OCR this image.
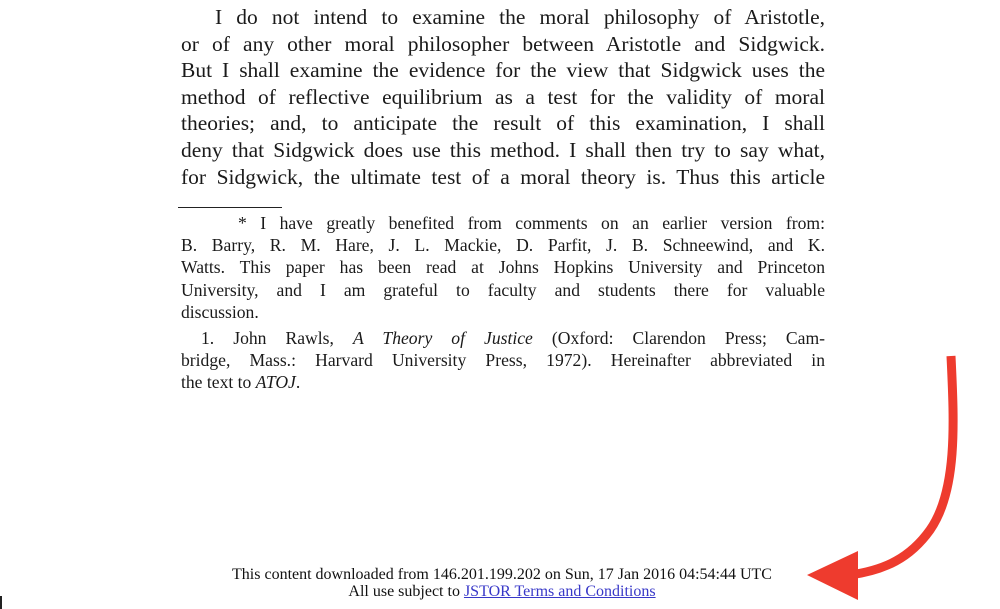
I do not intend to examine the moral philosophy of Aristotle,
or of any other moral philosopher between Aristotle and Sidgwick.
But I shall examine the evidence for the view that Sidgwick uses the
method of reflective equilibrium as a test for the validity of moral
theories; and, to anticipate the result of this examination, I shall
deny that Sidgwick does use this method. I shall then try to say what,
for Sidgwick, the ultimate test of a moral theory is. Thus this article
* I have greatly benefited from comments on an earlier version from:
B. Barry, R. M. Hare, J. L. Mackie, D. Parfit, J. B. Schneewind, and K.
Watts. This paper has been read at Johns Hopkins University and Princeton
University, and I am grateful to faculty and students there for valuable
discussion.
1. John Rawls, A Theory of Justice (Oxford: Clarendon Press; Cam-
bridge, Mass.: Harvard University Press, 1972). Hereinafter abbreviated in
the text to ATOJ.
This content downloaded from 146.201.199.202 on Sun, 17 Jan 2016 04:54:44 UTC
All use subject to JSTOR Terms and Conditions
